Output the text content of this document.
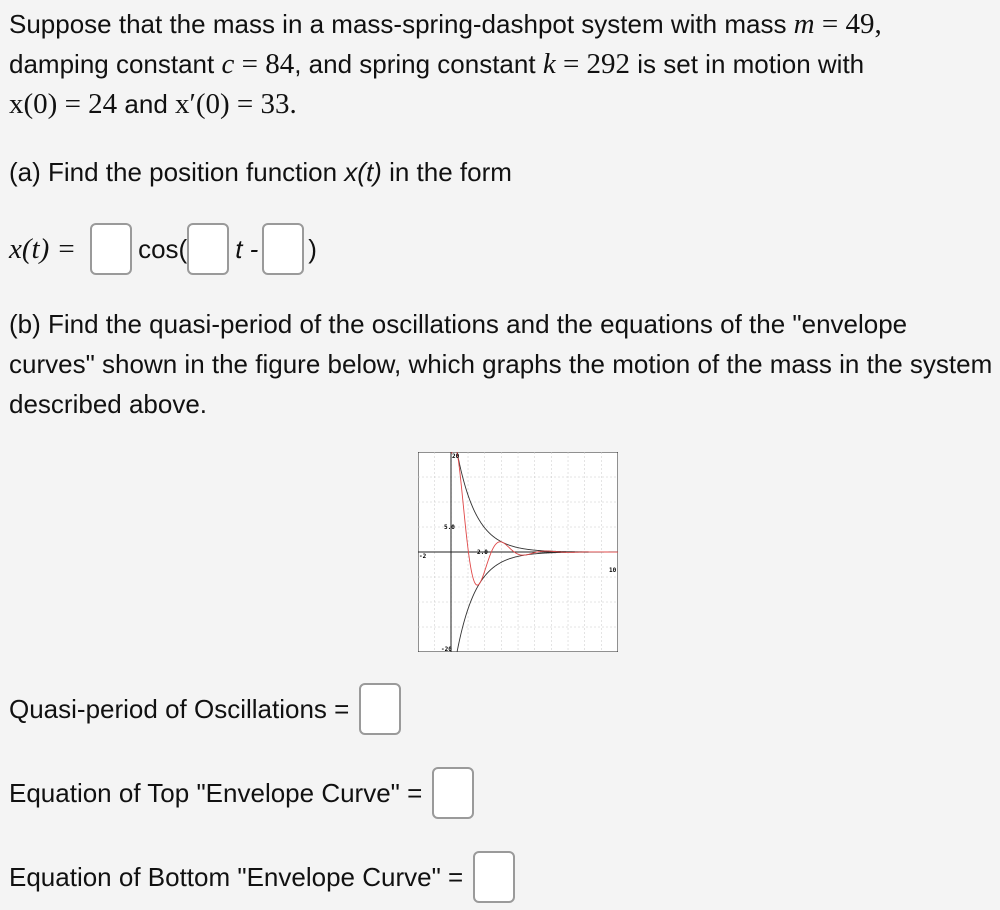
Suppose that the mass in a mass-spring-dashpot system with mass m = 49,
damping constant c = 84, and spring constant k = 292 is set in motion with
x(0) = 24 and x′(0) = 33.
(a) Find the position function x(t) in the form
x(t) = cos( t - )
(b) Find the quasi-period of the oscillations and the equations of the "envelope curves" shown in the figure below, which graphs the motion of the mass in the system described above.
20
5.0
-20
-2
2.0
10
Quasi-period of Oscillations =
Equation of Top "Envelope Curve" =
Equation of Bottom "Envelope Curve" =
